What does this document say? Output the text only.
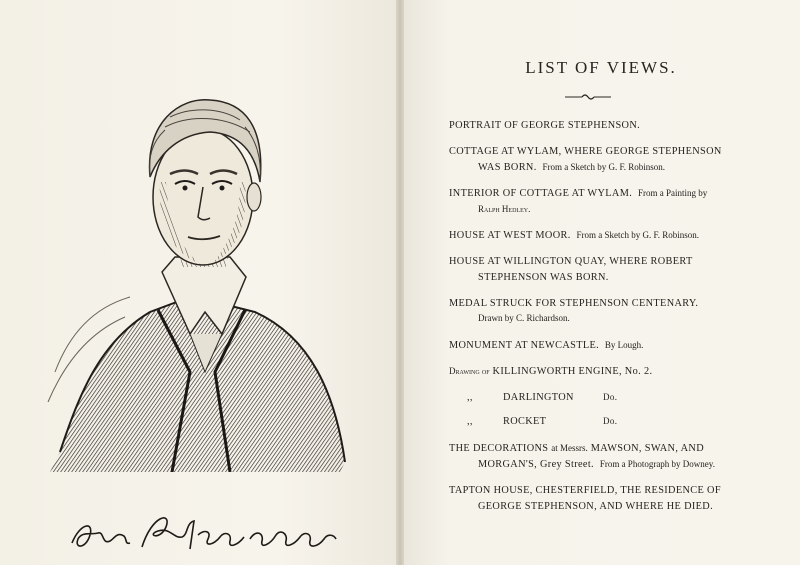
LIST OF VIEWS.
PORTRAIT OF GEORGE STEPHENSON.
COTTAGE AT WYLAM, WHERE GEORGE STEPHENSON
WAS BORN. From a Sketch by G. F. Robinson.
INTERIOR OF COTTAGE AT WYLAM. From a Painting by
Ralph Hedley.
HOUSE AT WEST MOOR. From a Sketch by G. F. Robinson.
HOUSE AT WILLINGTON QUAY, WHERE ROBERT
STEPHENSON WAS BORN.
MEDAL STRUCK FOR STEPHENSON CENTENARY.
Drawn by C. Richardson.
MONUMENT AT NEWCASTLE. By Lough.
Drawing of KILLINGWORTH ENGINE, No. 2.
,,	DARLINGTON	Do.
,,	ROCKET	Do.
THE DECORATIONS at Messrs. MAWSON, SWAN, AND
MORGAN'S, Grey Street. From a Photograph by Downey.
TAPTON HOUSE, CHESTERFIELD, THE RESIDENCE OF
GEORGE STEPHENSON, AND WHERE HE DIED.
